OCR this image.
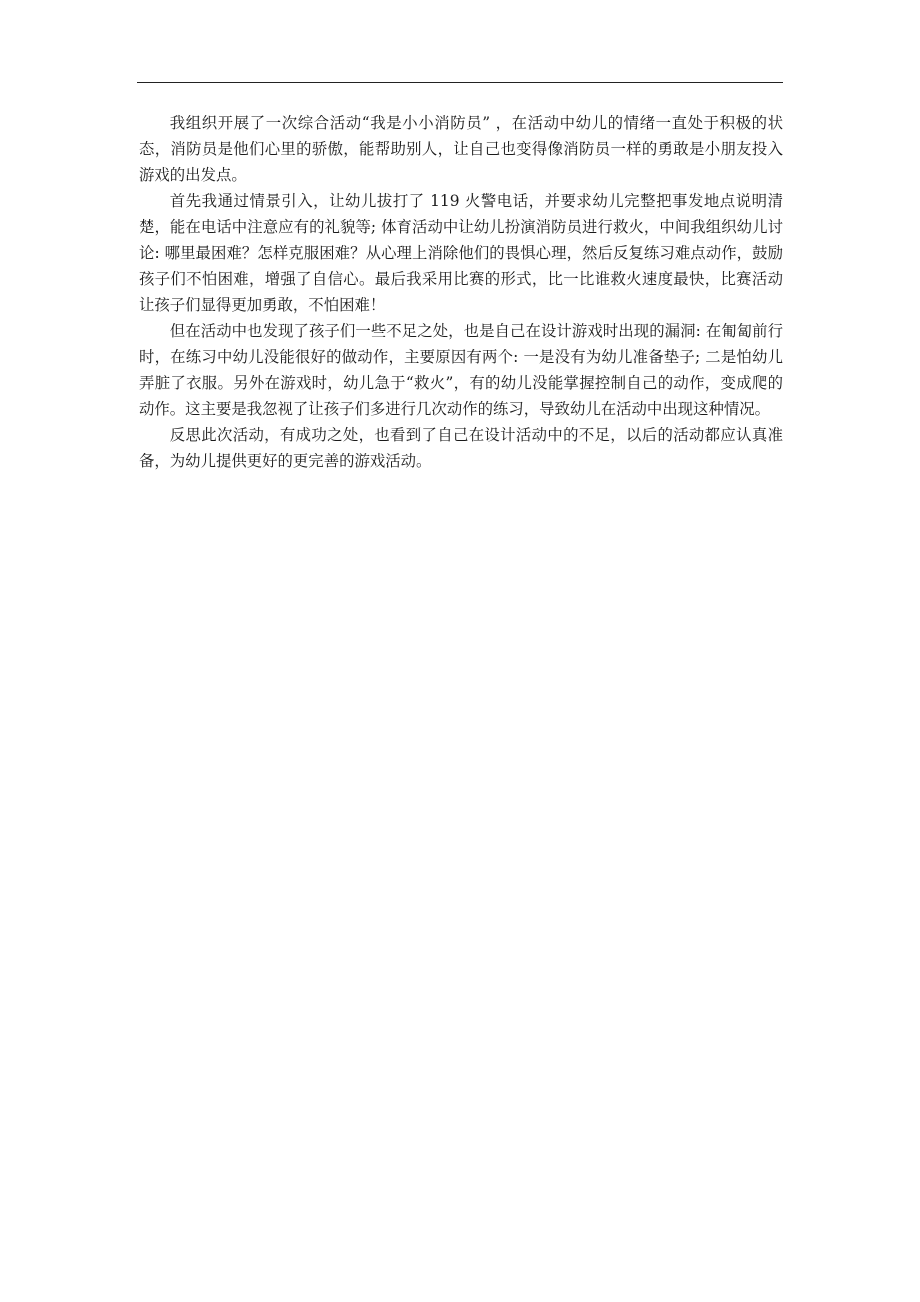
我组织开展了一次综合活动“我是小小消防员” ，在活动中幼儿的情绪一直处于积极的状态，消防员是他们心里的骄傲，能帮助别人，让自己也变得像消防员一样的勇敢是小朋友投入游戏的出发点。

首先我通过情景引入，让幼儿拔打了 119 火警电话，并要求幼儿完整把事发地点说明清楚，能在电话中注意应有的礼貌等; 体育活动中让幼儿扮演消防员进行救火，中间我组织幼儿讨论: 哪里最困难？怎样克服困难？从心理上消除他们的畏惧心理，然后反复练习难点动作，鼓励孩子们不怕困难，增强了自信心。最后我采用比赛的形式，比一比谁救火速度最快，比赛活动让孩子们显得更加勇敢，不怕困难！

但在活动中也发现了孩子们一些不足之处，也是自己在设计游戏时出现的漏洞: 在匍匐前行时，在练习中幼儿没能很好的做动作，主要原因有两个: 一是没有为幼儿准备垫子; 二是怕幼儿弄脏了衣服。另外在游戏时，幼儿急于“救火”，有的幼儿没能掌握控制自己的动作，变成爬的动作。这主要是我忽视了让孩子们多进行几次动作的练习，导致幼儿在活动中出现这种情况。

反思此次活动，有成功之处，也看到了自己在设计活动中的不足，以后的活动都应认真准备，为幼儿提供更好的更完善的游戏活动。
